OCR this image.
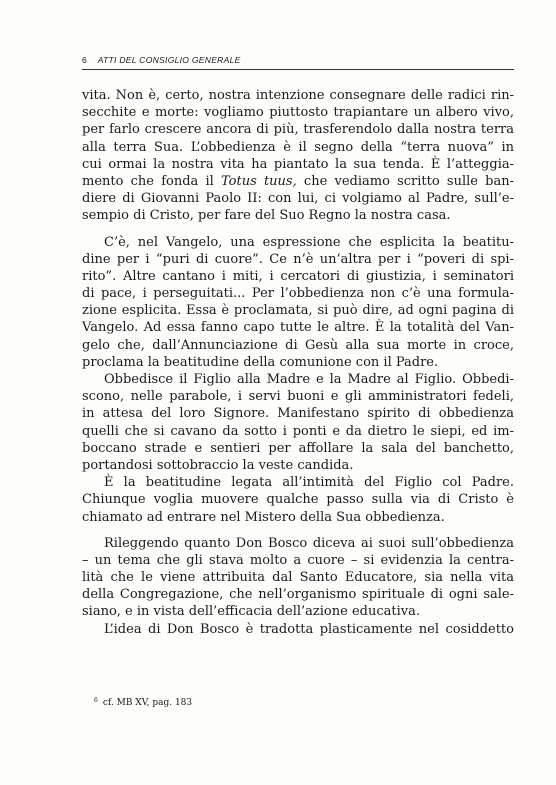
6 ATTI DEL CONSIGLIO GENERALE
vita. Non è, certo, nostra intenzione consegnare delle radici rin-
secchite e morte: vogliamo piuttosto trapiantare un albero vivo,
per farlo crescere ancora di più, trasferendolo dalla nostra terra
alla terra Sua. L’obbedienza è il segno della “terra nuova” in
cui ormai la nostra vita ha piantato la sua tenda. È l’atteggia-
mento che fonda il Totus tuus, che vediamo scritto sulle ban-
diere di Giovanni Paolo II: con lui, ci volgiamo al Padre, sull’e-
sempio di Cristo, per fare del Suo Regno la nostra casa.
C’è, nel Vangelo, una espressione che esplicita la beatitu-
dine per i “puri di cuore”. Ce n’è un’altra per i “poveri di spi-
rito”. Altre cantano i miti, i cercatori di giustizia, i seminatori
di pace, i perseguitati... Per l’obbedienza non c’è una formula-
zione esplicita. Essa è proclamata, si può dire, ad ogni pagina di
Vangelo. Ad essa fanno capo tutte le altre. È la totalità del Van-
gelo che, dall’Annunciazione di Gesù alla sua morte in croce,
proclama la beatitudine della comunione con il Padre.
Obbedisce il Figlio alla Madre e la Madre al Figlio. Obbedi-
scono, nelle parabole, i servi buoni e gli amministratori fedeli,
in attesa del loro Signore. Manifestano spirito di obbedienza
quelli che si cavano da sotto i ponti e da dietro le siepi, ed im-
boccano strade e sentieri per affollare la sala del banchetto,
portandosi sottobraccio la veste candida.
È la beatitudine legata all’intimità del Figlio col Padre.
Chiunque voglia muovere qualche passo sulla via di Cristo è
chiamato ad entrare nel Mistero della Sua obbedienza.
Rileggendo quanto Don Bosco diceva ai suoi sull’obbedienza
– un tema che gli stava molto a cuore – si evidenzia la centra-
lità che le viene attribuita dal Santo Educatore, sia nella vita
della Congregazione, che nell’organismo spirituale di ogni sale-
siano, e in vista dell’efficacia dell’azione educativa.
L’idea di Don Bosco è tradotta plasticamente nel cosiddetto
$^6$ cf. MB XV, pag. 183
